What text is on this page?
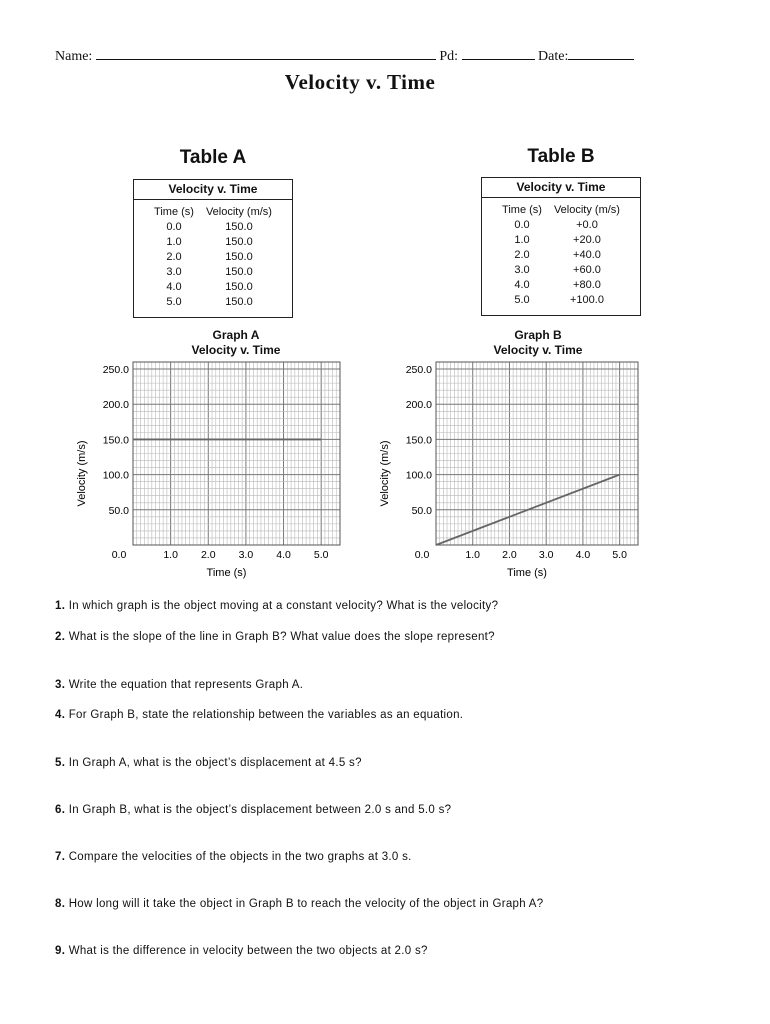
Name:	Pd:	Date:
Velocity v. Time
Table A
Velocity v. Time
Time (s)	Velocity (m/s)
0.0	150.0
1.0	150.0
2.0	150.0
3.0	150.0
4.0	150.0
5.0	150.0
Table B
Velocity v. Time
Time (s)	Velocity (m/s)
0.0	+0.0
1.0	+20.0
2.0	+40.0
3.0	+60.0
4.0	+80.0
5.0	+100.0
Graph A
Velocity v. Time
50.0
100.0
150.0
200.0
250.0
0.0	1.0 2.0 3.0 4.0 5.0
Time (s)
Velocity (m/s)
Graph B
Velocity v. Time
50.0
100.0
150.0
200.0
250.0
0.0	1.0 2.0 3.0 4.0 5.0
Time (s)
Velocity (m/s)
1. In which graph is the object moving at a constant velocity? What is the velocity?
2. What is the slope of the line in Graph B? What value does the slope represent?
3. Write the equation that represents Graph A.
4. For Graph B, state the relationship between the variables as an equation.
5. In Graph A, what is the object’s displacement at 4.5 s?
6. In Graph B, what is the object’s displacement between 2.0 s and 5.0 s?
7. Compare the velocities of the objects in the two graphs at 3.0 s.
8. How long will it take the object in Graph B to reach the velocity of the object in Graph A?
9. What is the difference in velocity between the two objects at 2.0 s?
